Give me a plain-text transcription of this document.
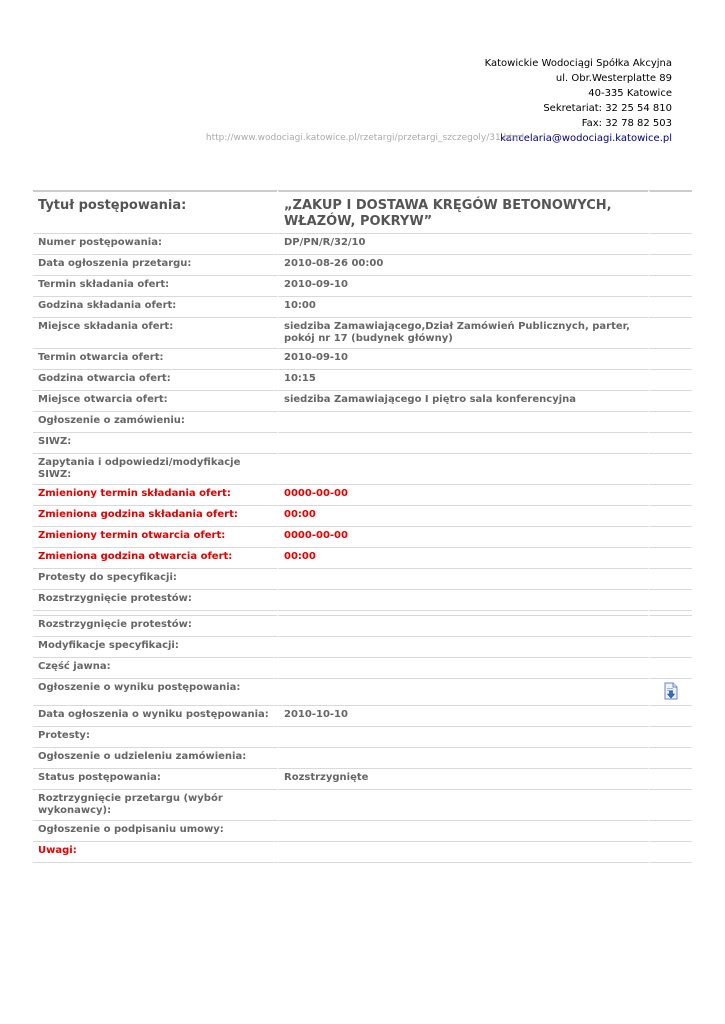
Katowickie Wodociągi Spółka Akcyjna
ul. Obr.Westerplatte 89
40-335 Katowice
Sekretariat: 32 25 54 810
Fax: 32 78 82 503
kancelaria@wodociagi.katowice.pl
http://www.wodociagi.katowice.pl/rzetargi/przetargi_szczegoly/31.html
Tytuł postępowania:	„ZAKUP I DOSTAWA KRĘGÓW BETONOWYCH, WŁAZÓW, POKRYW”	
Numer postępowania:	DP/PN/R/32/10	
Data ogłoszenia przetargu:	2010-08-26 00:00	
Termin składania ofert:	2010-09-10	
Godzina składania ofert:	10:00	
Miejsce składania ofert:	siedziba Zamawiającego,Dział Zamówień Publicznych, parter, pokój nr 17 (budynek główny)	
Termin otwarcia ofert:	2010-09-10	
Godzina otwarcia ofert:	10:15	
Miejsce otwarcia ofert:	siedziba Zamawiającego I piętro sala konferencyjna	
Ogłoszenie o zamówieniu:		
SIWZ:		
Zapytania i odpowiedzi/modyfikacje SIWZ:		
Zmieniony termin składania ofert:	0000-00-00	
Zmieniona godzina składania ofert:	00:00	
Zmieniony termin otwarcia ofert:	0000-00-00	
Zmieniona godzina otwarcia ofert:	00:00	
Protesty do specyfikacji:		
Rozstrzygnięcie protestów:		

Rozstrzygnięcie protestów:		
Modyfikacje specyfikacji:		
Część jawna:		
Ogłoszenie o wyniku postępowania:		

Data ogłoszenia o wyniku postępowania:	2010-10-10	
Protesty:		
Ogłoszenie o udzieleniu zamówienia:		
Status postępowania:	Rozstrzygnięte	
Roztrzygnięcie przetargu (wybór wykonawcy):		
Ogłoszenie o podpisaniu umowy:		
Uwagi:		
